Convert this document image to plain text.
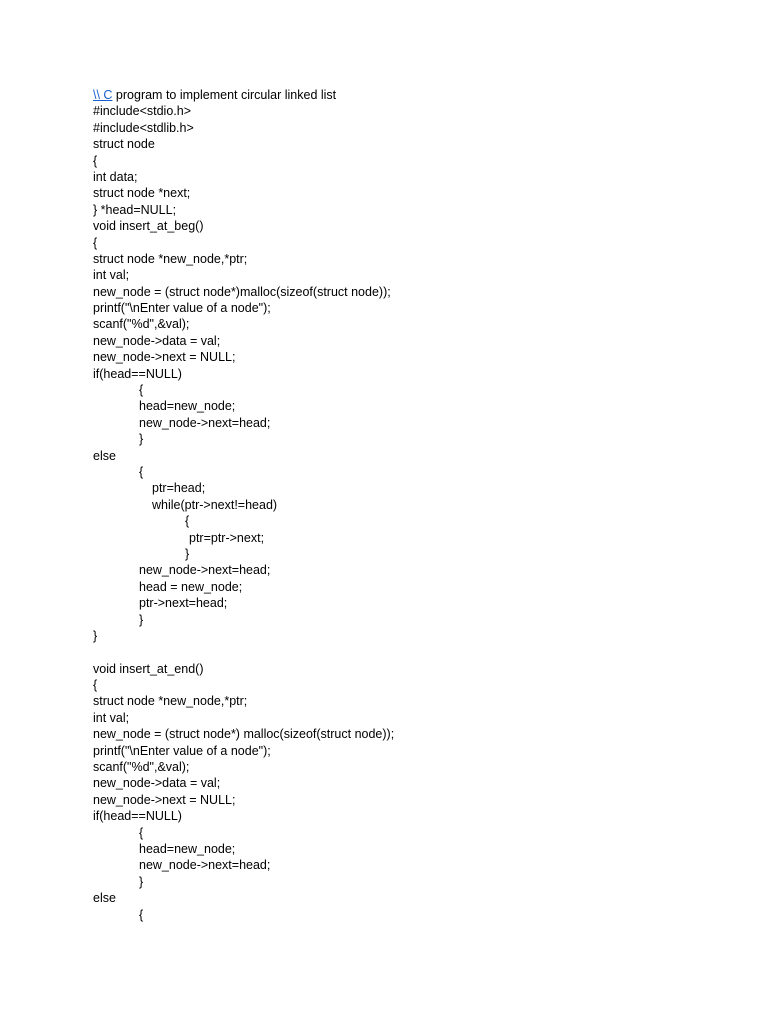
\\ C program to implement circular linked list
#include<stdio.h>
#include<stdlib.h>
struct node
{
int data;
struct node *next;
} *head=NULL;
void insert_at_beg()
{
struct node *new_node,*ptr;
int val;
new_node = (struct node*)malloc(sizeof(struct node));
printf("\nEnter value of a node");
scanf("%d",&val);
new_node->data = val;
new_node->next = NULL;
if(head==NULL)
{
head=new_node;
new_node->next=head;
}
else
{
ptr=head;
while(ptr->next!=head)
{
ptr=ptr->next;
}
new_node->next=head;
head = new_node;
ptr->next=head;
}
}
void insert_at_end()
{
struct node *new_node,*ptr;
int val;
new_node = (struct node*) malloc(sizeof(struct node));
printf("\nEnter value of a node");
scanf("%d",&val);
new_node->data = val;
new_node->next = NULL;
if(head==NULL)
{
head=new_node;
new_node->next=head;
}
else
{
